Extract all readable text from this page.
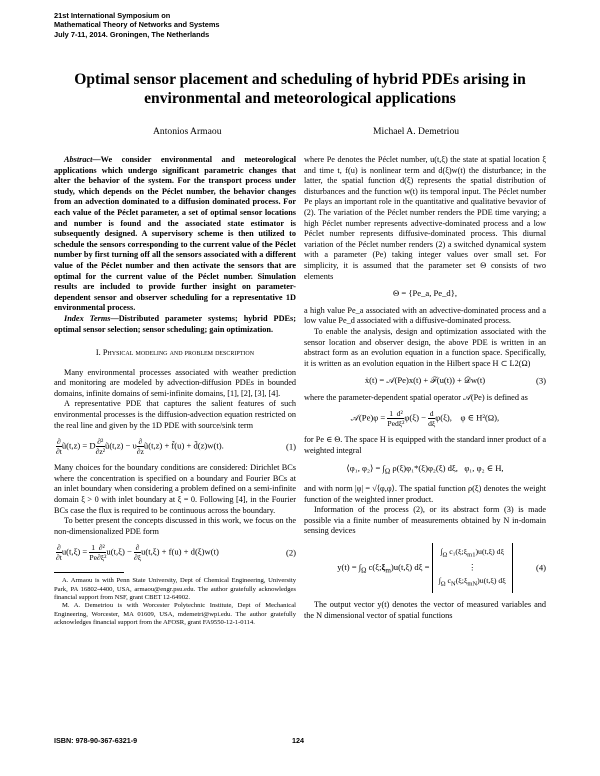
21st International Symposium on
Mathematical Theory of Networks and Systems
July 7-11, 2014. Groningen, The Netherlands
Optimal sensor placement and scheduling of hybrid PDEs arising in environmental and meteorological applications
Antonios Armaou	Michael A. Demetriou

Abstract—We consider environmental and meteorological applications which undergo significant parametric changes that alter the behavior of the system. For the transport process under study, which depends on the Péclet number, the behavior changes from an advection dominated to a diffusion dominated process. For each value of the Péclet parameter, a set of optimal sensor locations and number is found and the associated state estimator is subsequently designed. A supervisory scheme is then utilized to schedule the sensors corresponding to the current value of the Péclet number by first turning off all the sensors associated with a different value of the Péclet number and then activate the sensors that are optimal for the current value of the Péclet number. Simulation results are included to provide further insight on parameter-dependent sensor and observer scheduling for a representative 1D environmental process.

Index Terms—Distributed parameter systems; hybrid PDEs; optimal sensor selection; sensor scheduling; gain optimization.

I. Physical modeling and problem description

Many environmental processes associated with weather prediction and monitoring are modeled by advection-diffusion PDEs in bounded domains, infinite domains of semi-infinite domains, [1], [2], [3], [4].

A representative PDE that captures the salient features of such environmental processes is the diffusion-advection equation restricted on the real line and given by the 1D PDE with source/sink term

$\frac{\partial}{\partial t}$ ũ(t,z) = D $\frac{\text{∂²}}{\text{∂z²}}$ ũ(t,z) − υ $\frac{\partial}{\partial z}$ ũ(t,z) + f̃(u) + d̃(z)w(t).	(1)

Many choices for the boundary conditions are considered: Dirichlet BCs where the concentration is specified on a boundary and Fourier BCs at an inlet boundary when considering a problem defined on a semi-infinite domain ξ > 0 with inlet boundary at ξ = 0. Following [4], in the Fourier BCs case the flux is required to be continuous across the boundary.

To better present the concepts discussed in this work, we focus on the non-dimensionalized PDE form

$\frac{\partial}{\partial t} u(t,\xi) = \frac{1}{Pe} \frac{\text{∂²}}{\text{∂ξ²}} u(t,\xi) - \frac{\partial}{\partial\xi} u(t,\xi) + f(u) + d(\xi)w(t)$	(2)

A. Armaou is with Penn State University, Dept of Chemical Engineering, University Park, PA 16802-4400, USA, armaou@engr.psu.edu. The author gratefully acknowledges financial support from NSF, grant CBET 12-64902.

M. A. Demetriou is with Worcester Polytechnic Institute, Dept of Mechanical Engineering, Worcester, MA 01609, USA, mdemetri@wpi.edu. The author gratefully acknowledges financial support from the AFOSR, grant FA9550-12-1-0114.

where Pe denotes the Péclet number, u(t,ξ) the state at spatial location ξ and time t, f(u) is nonlinear term and d(ξ)w(t) the disturbance; in the latter, the spatial function d(ξ) represents the spatial distribution of disturbances and the function w(t) its temporal input. The Péclet number Pe plays an important role in the quantitative and qualitative bevavior of (2). The variation of the Péclet number renders the PDE time varying; a high Péclet number represents advective-dominated process and a low Péclet number represents diffusive-dominated process. This diurnal variation of the Péclet number renders (2) a switched dynamical system with a parameter (Pe) taking integer values over small set. For simplicity, it is assumed that the parameter set Θ consists of two elements

Θ = {Pe_a, Pe_d},

a high value Pe_a associated with an advective-dominated process and a low value Pe_d associated with a diffusive-dominated process.

To enable the analysis, design and optimization associated with the sensor location and observer design, the above PDE is written in an abstract form as an evolution equation in a function space. Specifically, it is written as an evolution equation in the Hilbert space H ⊂ L2(Ω)

ẋ(t) = 𝒜(Pe)x(t) + ℱ(u(t)) + 𝒟w(t)	(3)

where the parameter-dependent spatial operator 𝒜(Pe) is defined as

𝒜(Pe)φ = $\frac{1}{Pe} \frac{\text{d²}}{\text{dξ²}} \varphi(\xi) - \frac{d}{d\xi} \varphi(\xi)$,    φ ∈ H²(Ω),

for Pe ∈ Θ. The space H is equipped with the standard inner product of a weighted integral

⟨φ₁, φ₂⟩ = $\int_\Omega$ ρ(ξ)φ₁*(ξ)φ₂(ξ) dξ,   φ₁, φ₂ ∈ H,

and with norm |φ| = √⟨φ,φ⟩. The spatial function ρ(ξ) denotes the weight function of the weighted inner product.

Information of the process (2), or its abstract form (3) is made possible via a finite number of measurements obtained by N in-domain sensing devices

$y(t) = \int_\Omega$ $c(\xi;\xi_m)u(t,\xi) d\xi$ =
$\int_\Omega$ $c_1(\xi;\xi_{m1})u(t,\xi)$ dξ
⋮
$\int_\Omega$ $c_N(\xi;\xi_{mN})u(t,\xi)$ dξ
(4)

The output vector y(t) denotes the vector of measured variables and the N dimensional vector of spatial functions

ISBN: 978-90-367-6321-9	124
